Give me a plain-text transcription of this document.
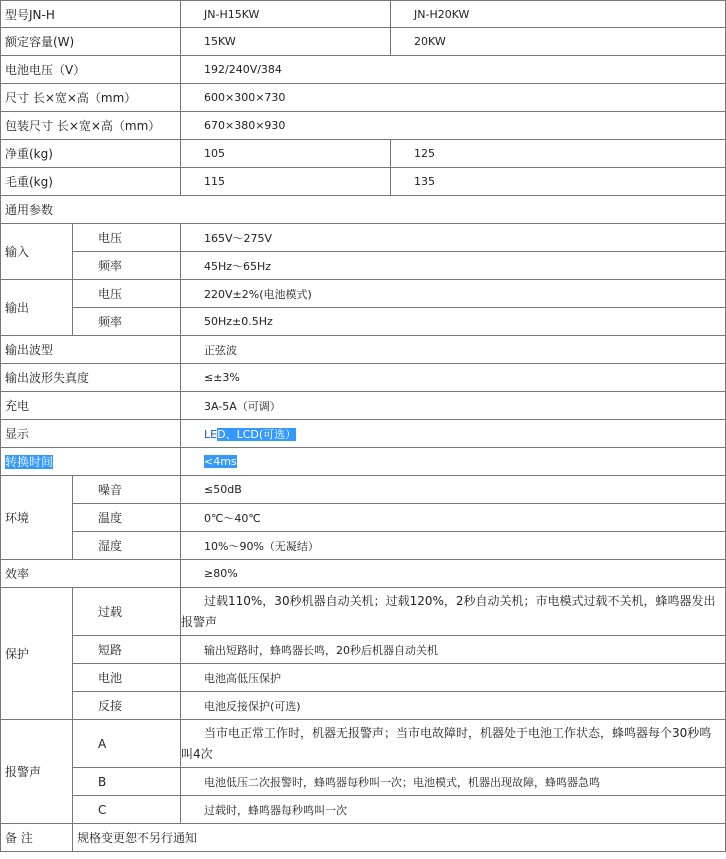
型号JN-H		JN-H15KW	JN-H20KW
额定容量(W)		15KW	20KW
电池电压（V）		192/240V/384	
尺寸 长×宽×高（mm）		600×300×730	
包装尺寸 长×宽×高（mm）		670×380×930	
净重(kg)		105	125
毛重(kg)		115	135
通用参数			
输入	电压	165V～275V	
	频率	45Hz～65Hz	
输出	电压	220V±2%(电池模式)	
	频率	50Hz±0.5Hz	
输出波型		正弦波	
输出波形失真度		≤±3%	
充电		3A-5A（可调）	
显示		LED、LCD(可选）	
转换时间		<4ms	
环境	噪音	≤50dB	
	温度	0℃～40℃	
	湿度	10%～90%（无凝结）	
效率		≥80%	
保护	过载	过载110%，30秒机器自动关机；过载120%，2秒自动关机；市电模式过载不关机，蜂鸣器发出报警声	
	短路	输出短路时，蜂鸣器长鸣，20秒后机器自动关机	
	电池	电池高低压保护	
	反接	电池反接保护(可选)	
报警声	A	当市电正常工作时，机器无报警声；当市电故障时，机器处于电池工作状态，蜂鸣器每个30秒鸣叫4次	
	B	电池低压二次报警时，蜂鸣器每秒叫一次；电池模式，机器出现故障，蜂鸣器急鸣	
	C	过载时，蜂鸣器每秒鸣叫一次	
备 注	规格变更恕不另行通知		
